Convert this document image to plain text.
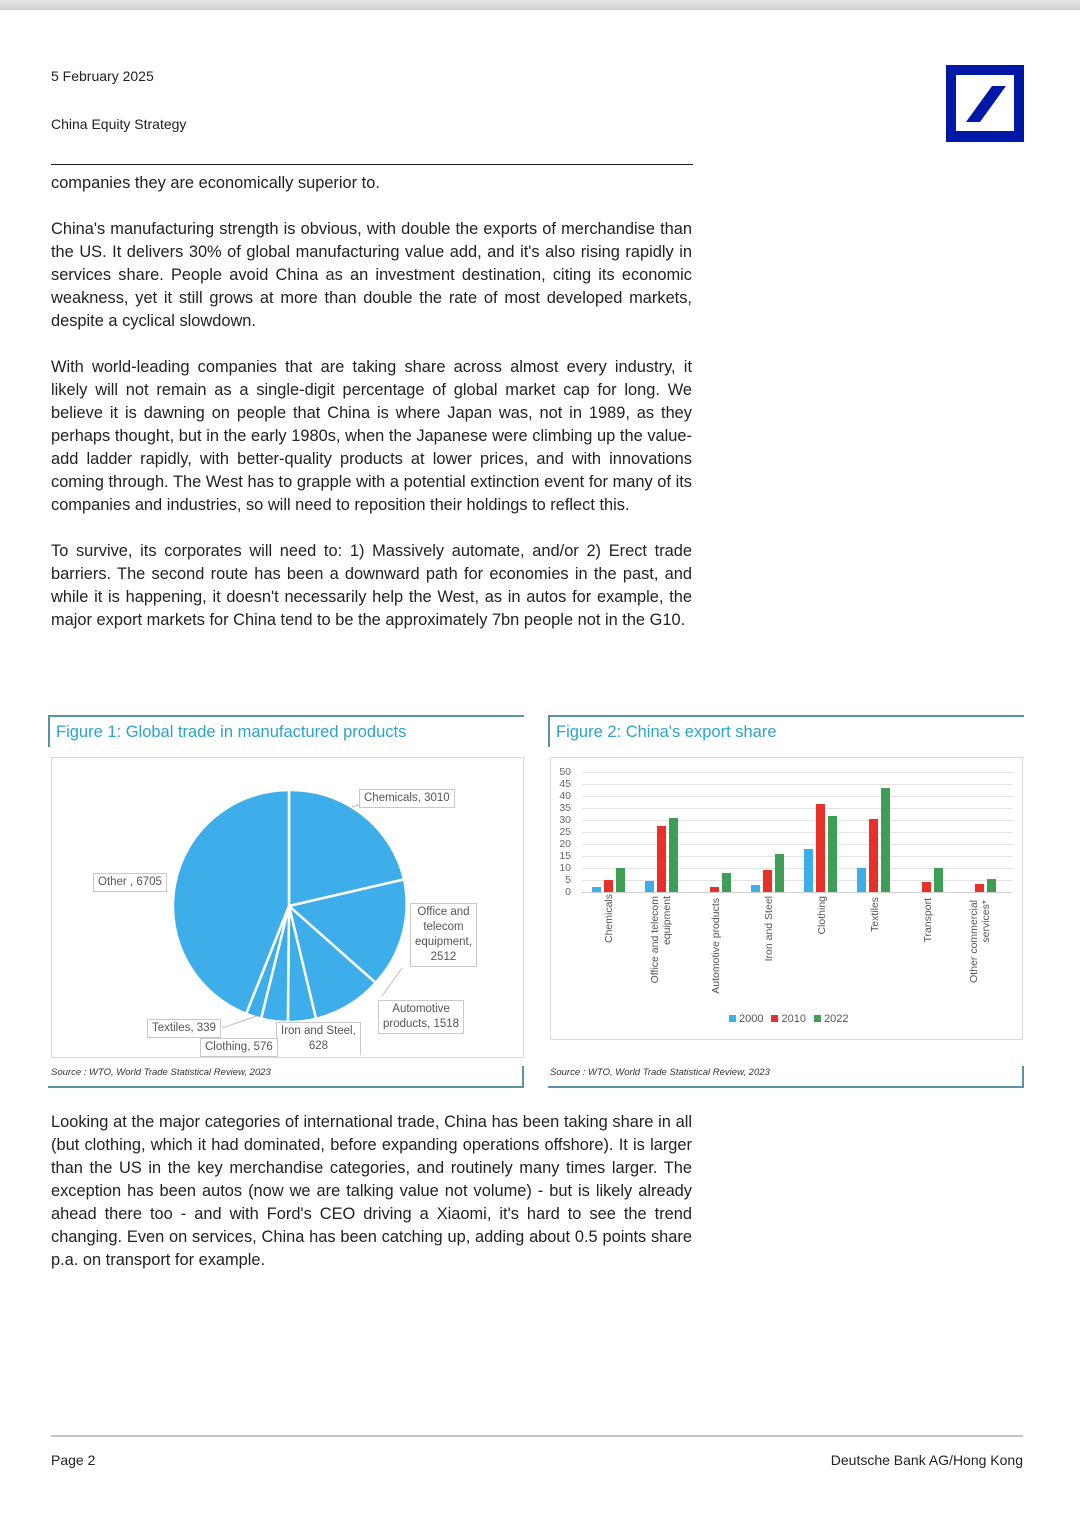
5 February 2025
China Equity Strategy

companies they are economically superior to.

China's manufacturing strength is obvious, with double the exports of merchandise than the US. It delivers 30% of global manufacturing value add, and it's also rising rapidly in services share. People avoid China as an investment destination, citing its economic weakness, yet it still grows at more than double the rate of most developed markets, despite a cyclical slowdown.

With world-leading companies that are taking share across almost every industry, it likely will not remain as a single-digit percentage of global market cap for long. We believe it is dawning on people that China is where Japan was, not in 1989, as they perhaps thought, but in the early 1980s, when the Japanese were climbing up the value-add ladder rapidly, with better-quality products at lower prices, and with innovations coming through. The West has to grapple with a potential extinction event for many of its companies and industries, so will need to reposition their holdings to reflect this.

To survive, its corporates will need to: 1) Massively automate, and/or 2) Erect trade barriers. The second route has been a downward path for economies in the past, and while it is happening, it doesn't necessarily help the West, as in autos for example, the major export markets for China tend to be the approximately 7bn people not in the G10.

Figure 1: Global trade in manufactured products
Chemicals, 3010
Office and
telecom
equipment,
2512
Automotive
products, 1518
Iron and Steel,
628
Clothing, 576
Textiles, 339
Other , 6705
Source : WTO, World Trade Statistical Review, 2023
Figure 2: China's export share
50
45
40
35
30
25
20
15
10
5
0
Chemicals	Office and telecom equipment	Automotive products	Iron and Steel	Clothing	Textiles	Transport	Other commercial services*
2000	2010	2022
Source : WTO, World Trade Statistical Review, 2023

Looking at the major categories of international trade, China has been taking share in all (but clothing, which it had dominated, before expanding operations offshore). It is larger than the US in the key merchandise categories, and routinely many times larger. The exception has been autos (now we are talking value not volume) - but is likely already ahead there too - and with Ford's CEO driving a Xiaomi, it's hard to see the trend changing. Even on services, China has been catching up, adding about 0.5 points share p.a. on transport for example.

Page 2	Deutsche Bank AG/Hong Kong
